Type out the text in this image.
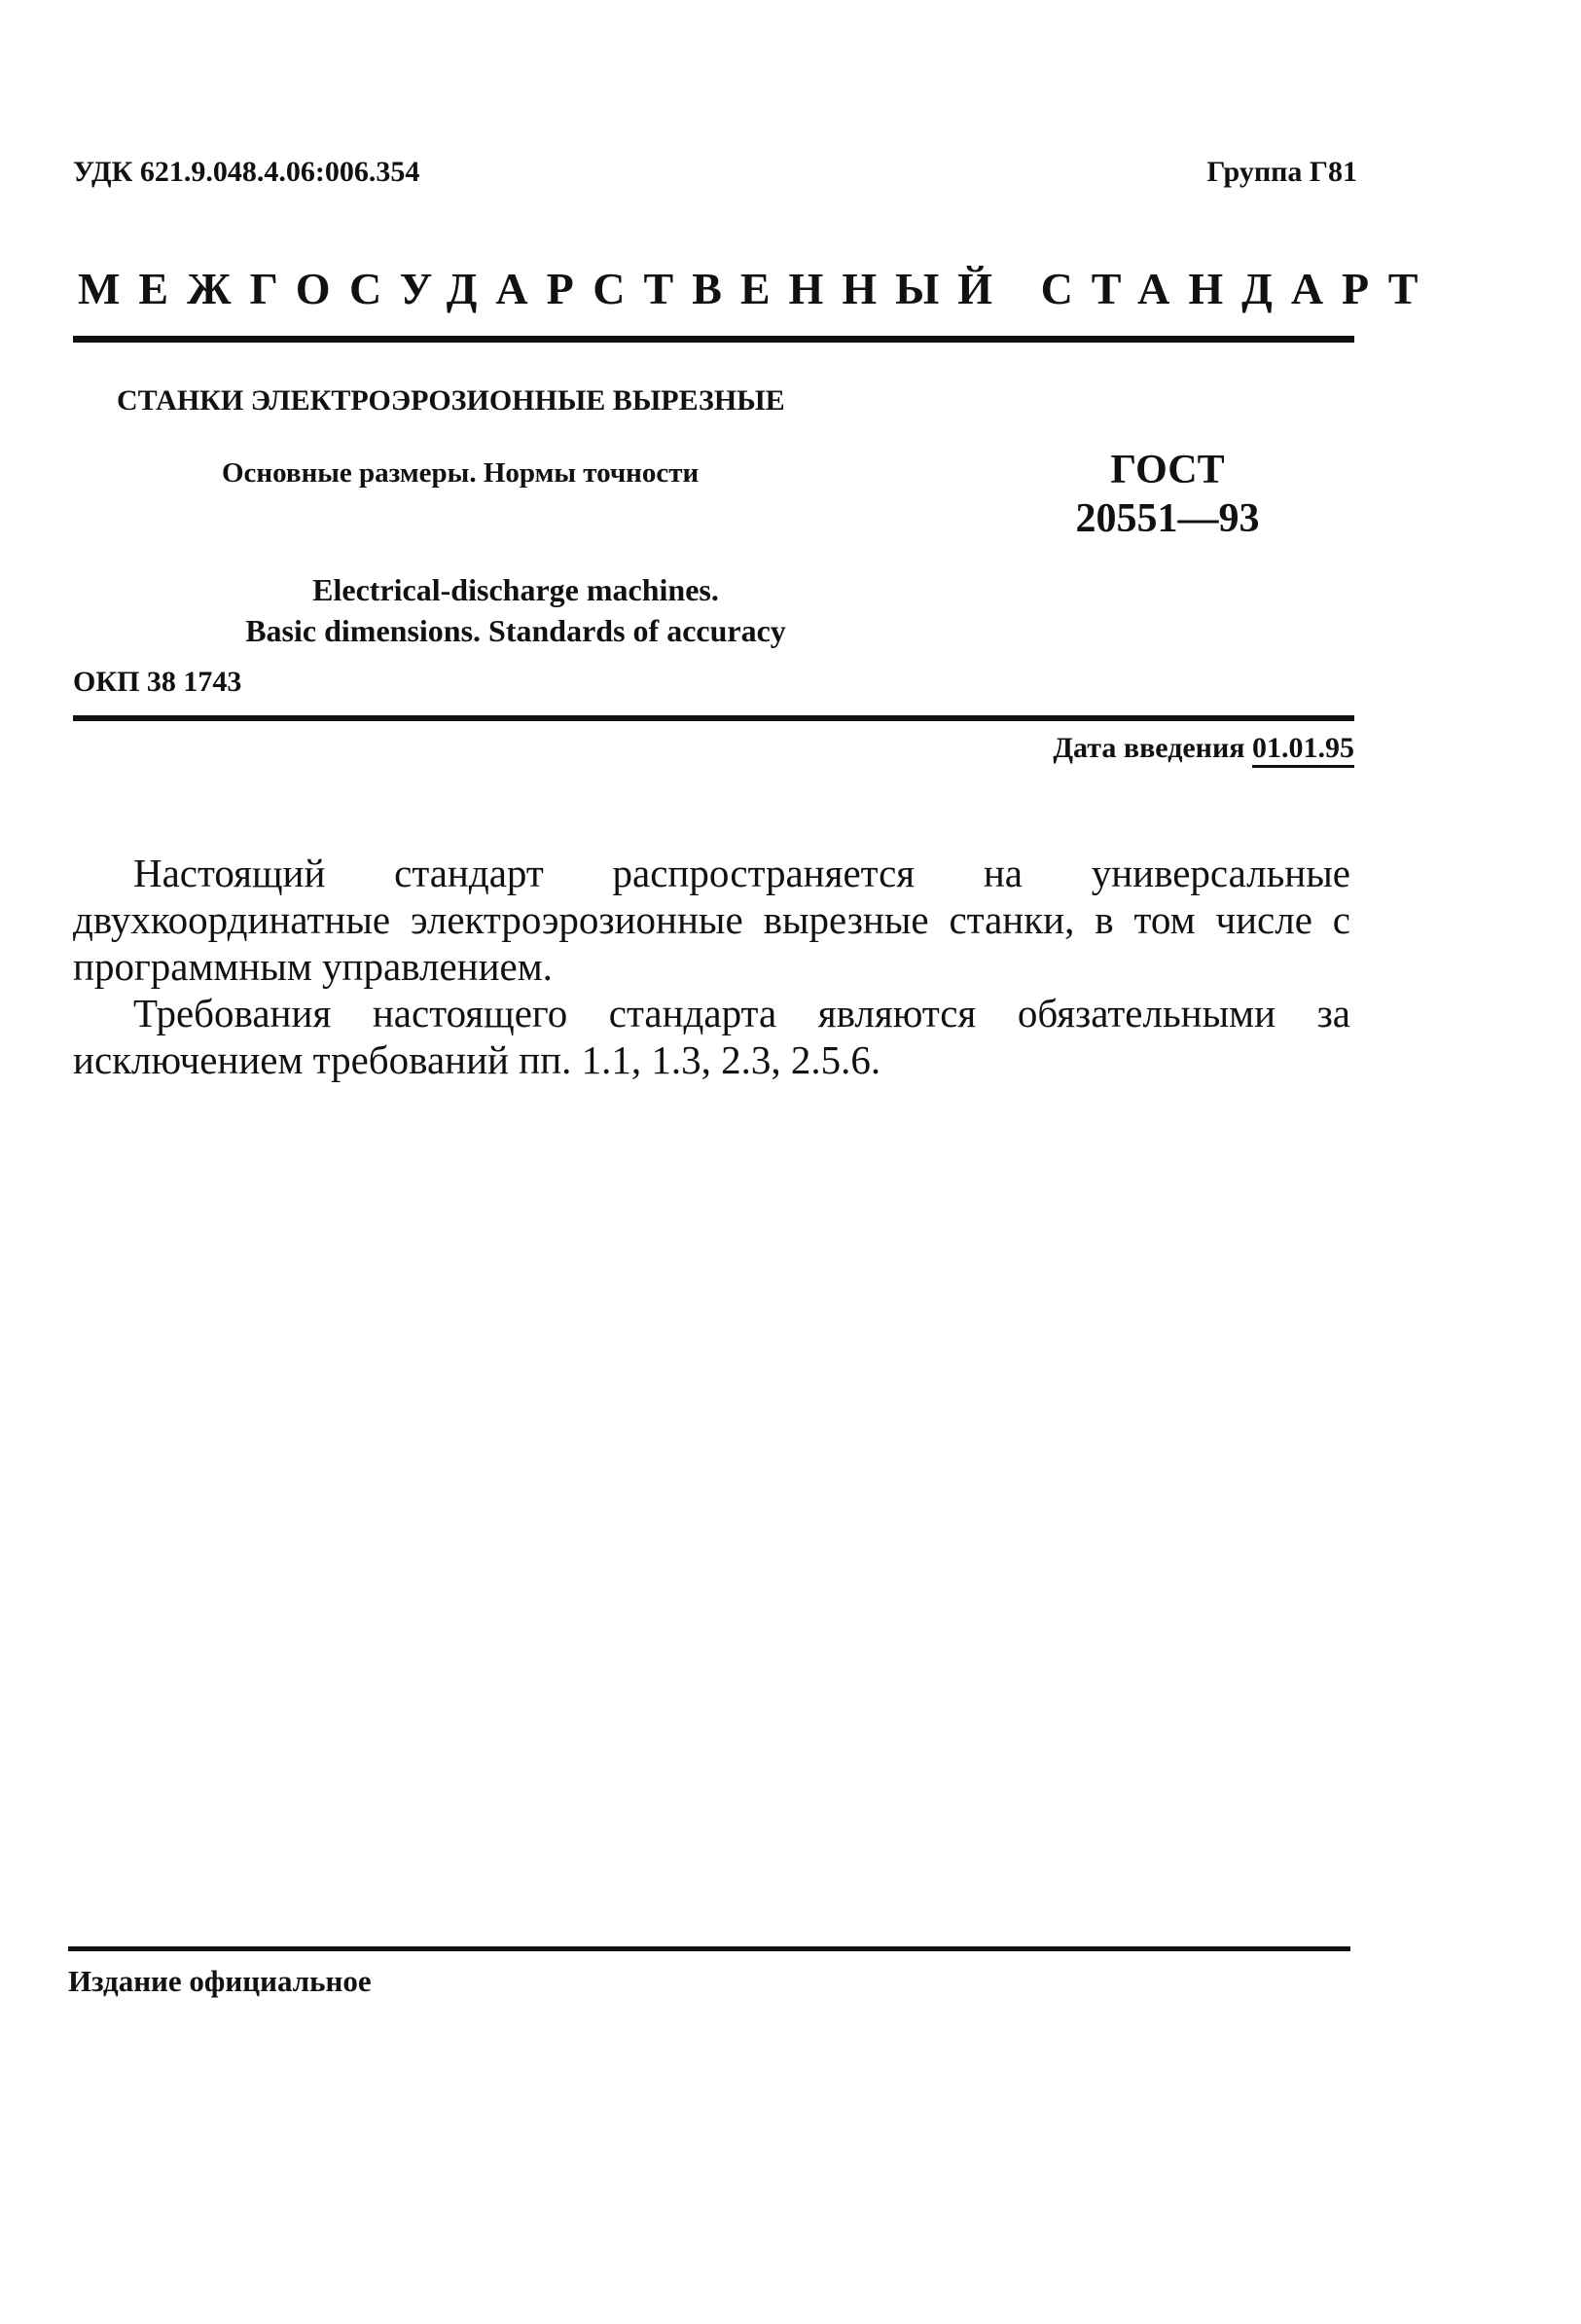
УДК 621.9.048.4.06:006.354	Группа Г81
МЕЖГОСУДАРСТВЕННЫЙ СТАНДАРТ
СТАНКИ ЭЛЕКТРОЭРОЗИОННЫЕ ВЫРЕЗНЫЕ
Основные размеры. Нормы точности	ГОСТ
20551—93
Electrical-discharge machines.
Basic dimensions. Standards of accuracy
ОКП 38 1743
Дата введения 01.01.95

Настоящий стандарт распространяется на универсальные двухкоординатные электроэрозионные вырезные станки, в том числе с программным управлением.

Требования настоящего стандарта являются обязательными за исключением требований пп. 1.1, 1.3, 2.3, 2.5.6.

Издание официальное
